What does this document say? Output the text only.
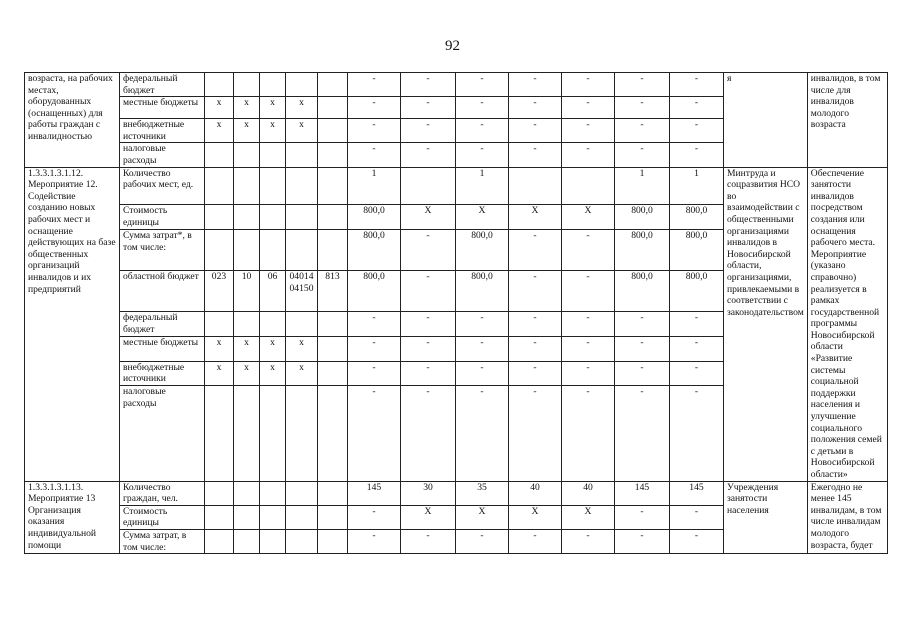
92
возраста, на рабочих местах, оборудованных (оснащенных) для работы граждан с инвалидностью	федеральный бюджет						-	-	-	-	-	-	-	я	инвалидов, в том числе для инвалидов молодого возраста
	местные бюджеты	x	x	x	x		-	-	-	-	-	-	-		
	внебюджетные источники	x	x	x	x		-	-	-	-	-	-	-		
	налоговые расходы						-	-	-	-	-	-	-		
1.3.3.1.3.1.12. Мероприятие 12. Содействие созданию новых рабочих мест и оснащение действующих на базе общественных организаций инвалидов и их предприятий	Количество рабочих мест, ед.						1		1			1	1	Минтруда и соцразвития НСО во взаимодействии с общественными организациями инвалидов в Новосибирской области, организациями, привлекаемыми в соответствии с законодательством	Обеспечение занятости инвалидов посредством создания или оснащения рабочего места. Мероприятие (указано справочно) реализуется в рамках государственной программы Новосибирской области «Развитие системы социальной поддержки населения и улучшение социального положения семей с детьми в Новосибирской области»
	Стоимость единицы						800,0	X	X	X	X	800,0	800,0		
	Сумма затрат*, в том числе:						800,0	-	800,0	-	-	800,0	800,0		
	областной бюджет	023	10	06	0401404150	813	800,0	-	800,0	-	-	800,0	800,0		
	федеральный бюджет						-	-	-	-	-	-	-		
	местные бюджеты	x	x	x	x		-	-	-	-	-	-	-		
	внебюджетные источники	x	x	x	x		-	-	-	-	-	-	-		
	налоговые расходы						-	-	-	-	-	-	-		
1.3.3.1.3.1.13. Мероприятие 13 Организация оказания индивидуальной помощи	Количество граждан, чел.						145	30	35	40	40	145	145	Учреждения занятости населения	Ежегодно не менее 145 инвалидам, в том числе инвалидам молодого возраста, будет
	Стоимость единицы						-	X	X	X	X	-	-		
	Сумма затрат, в том числе:						-	-	-	-	-	-	-		
